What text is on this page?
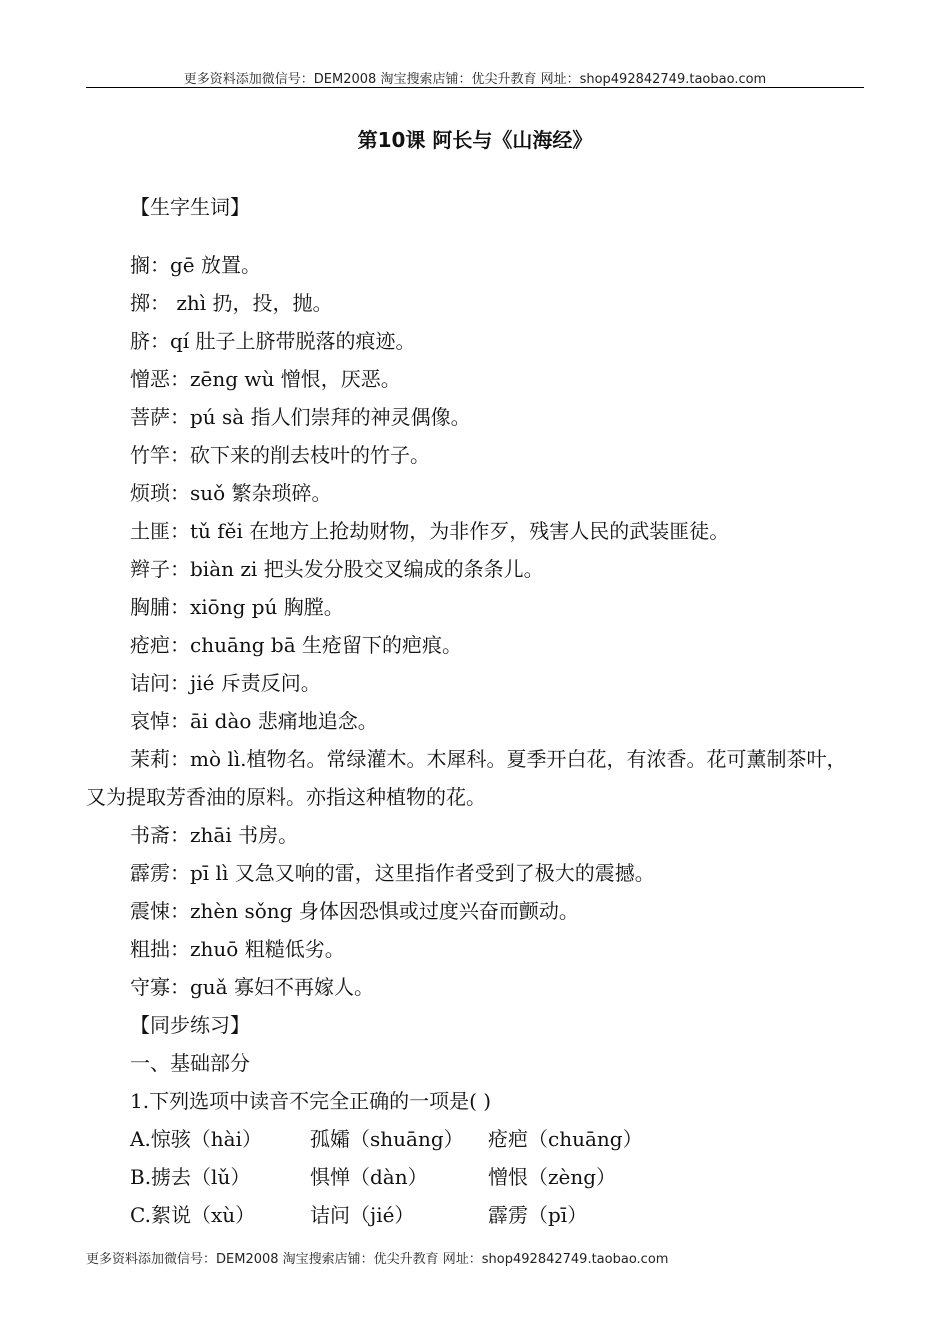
更多资料添加微信号：DEM2008 淘宝搜索店铺：优尖升教育 网址：shop492842749.taobao.com
第10课 阿长与《山海经》
【生字生词】
搁：gē 放置。
掷： zhì 扔，投，抛。
脐：qí 肚子上脐带脱落的痕迹。
憎恶：zēng wù 憎恨，厌恶。
菩萨：pú sà 指人们崇拜的神灵偶像。
竹竿：砍下来的削去枝叶的竹子。
烦琐：suǒ 繁杂琐碎。
土匪：tǔ fěi 在地方上抢劫财物，为非作歹，残害人民的武装匪徒。
辫子：biàn zi 把头发分股交叉编成的条条儿。
胸脯：xiōng pú 胸膛。
疮疤：chuāng bā 生疮留下的疤痕。
诘问：jié 斥责反问。
哀悼：āi dào 悲痛地追念。
茉莉：mò lì.植物名。常绿灌木。木犀科。夏季开白花，有浓香。花可薰制茶叶，又为提取芳香油的原料。亦指这种植物的花。
书斋：zhāi 书房。
霹雳：pī lì 又急又响的雷，这里指作者受到了极大的震撼。
震悚：zhèn sǒng 身体因恐惧或过度兴奋而颤动。
粗拙：zhuō 粗糙低劣。
守寡：guǎ 寡妇不再嫁人。
【同步练习】
一、基础部分
1.下列选项中读音不完全正确的一项是( )
A.惊骇（hài）	孤孀（shuāng）	疮疤（chuāng）
B.掳去（lǔ）	惧惮（dàn）	憎恨（zèng）
C.絮说（xù）	诘问（jié）	霹雳（pī）
更多资料添加微信号：DEM2008 淘宝搜索店铺：优尖升教育 网址：shop492842749.taobao.com
